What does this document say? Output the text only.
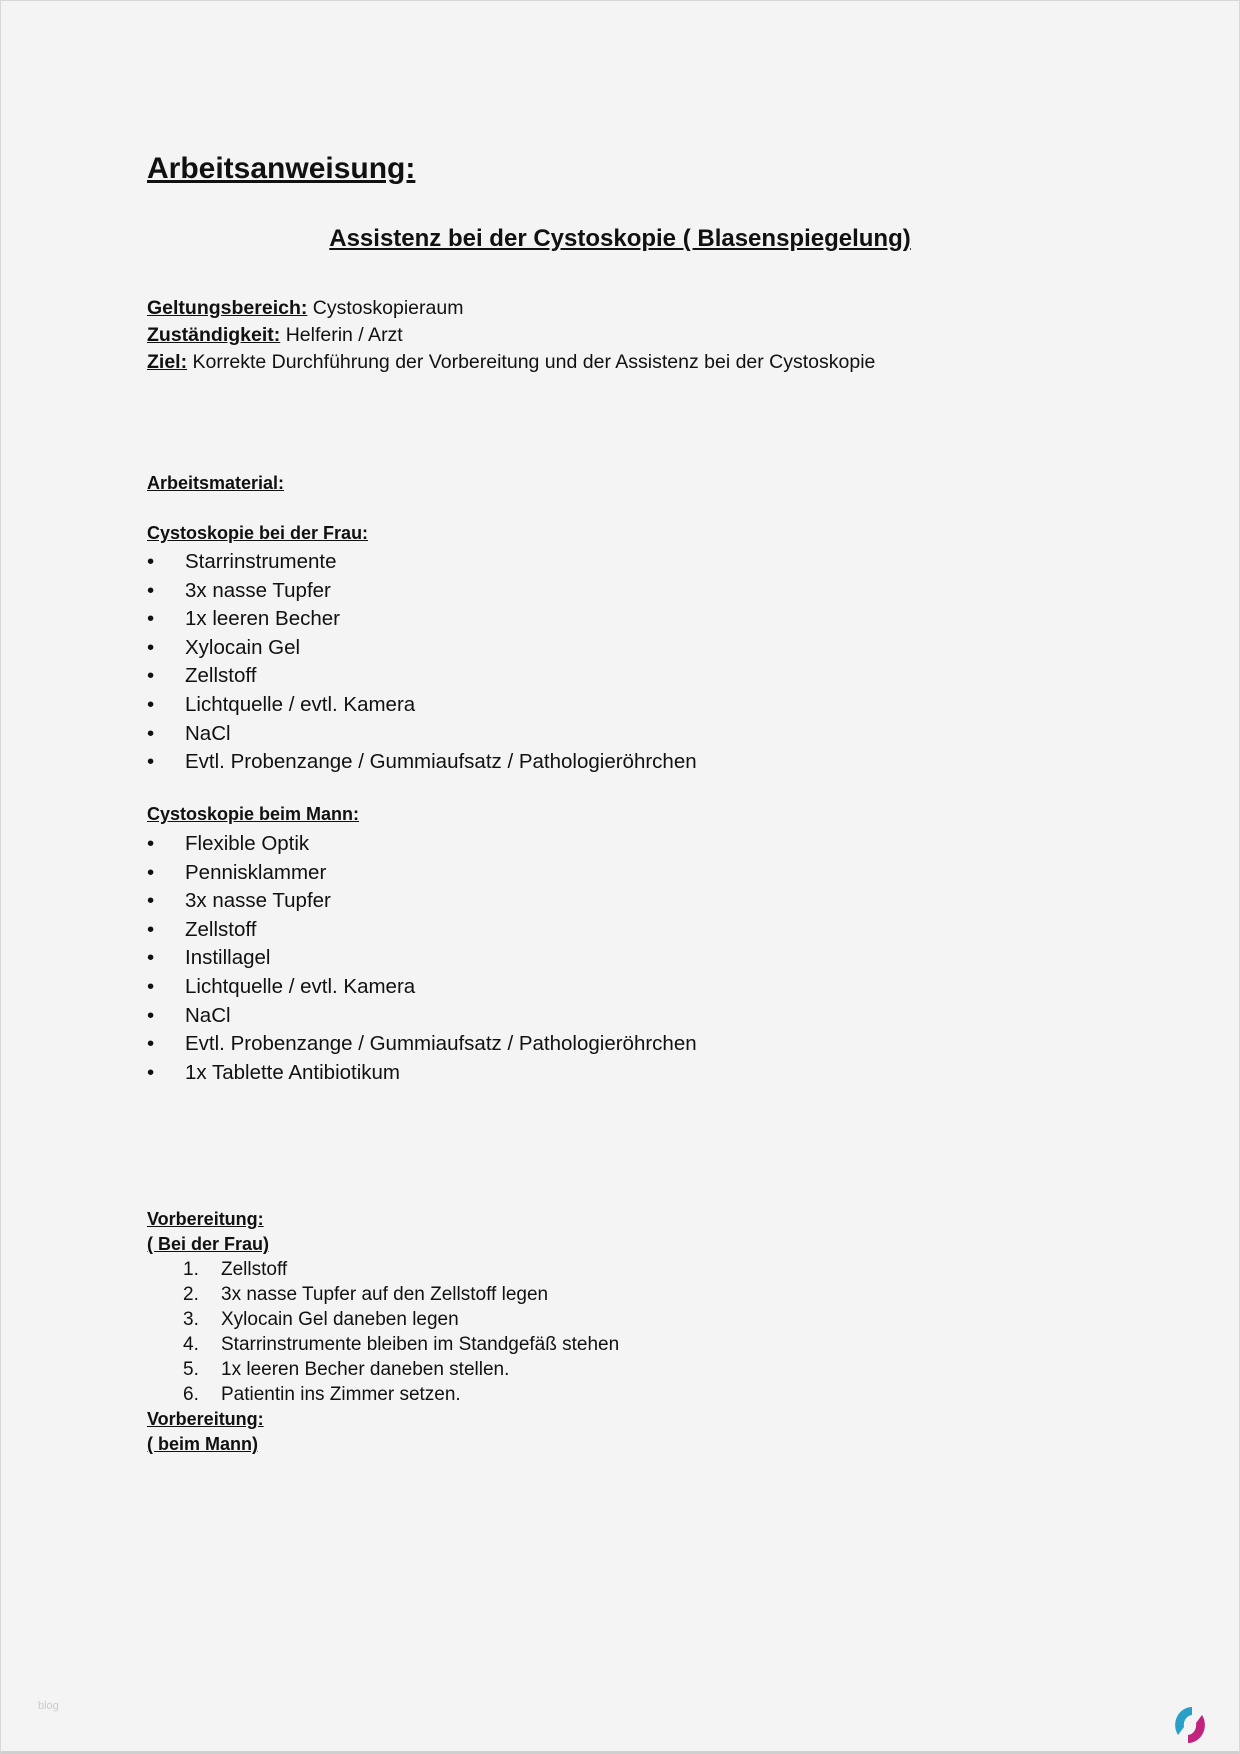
Arbeitsanweisung:
Assistenz bei der Cystoskopie ( Blasenspiegelung)
Arbeitsmaterial:
blog
Geltungsbereich: Cystoskopieraum
Zuständigkeit: Helferin / Arzt
Ziel: Korrekte Durchführung der Vorbereitung und der Assistenz bei der Cystoskopie
Cystoskopie bei der Frau:
• Starrinstrumente
• 3x nasse Tupfer
• 1x leeren Becher
• Xylocain Gel
• Zellstoff
• Lichtquelle / evtl. Kamera
• NaCl
• Evtl. Probenzange / Gummiaufsatz / Pathologieröhrchen
Cystoskopie beim Mann:
• Flexible Optik
• Pennisklammer
• 3x nasse Tupfer
• Zellstoff
• Instillagel
• Lichtquelle / evtl. Kamera
• NaCl
• Evtl. Probenzange / Gummiaufsatz / Pathologieröhrchen
• 1x Tablette Antibiotikum
Vorbereitung:
( Bei der Frau)
1. Zellstoff
2. 3x nasse Tupfer auf den Zellstoff legen
3. Xylocain Gel daneben legen
4. Starrinstrumente bleiben im Standgefäß stehen
5. 1x leeren Becher daneben stellen.
6. Patientin ins Zimmer setzen.
Vorbereitung:
( beim Mann)
